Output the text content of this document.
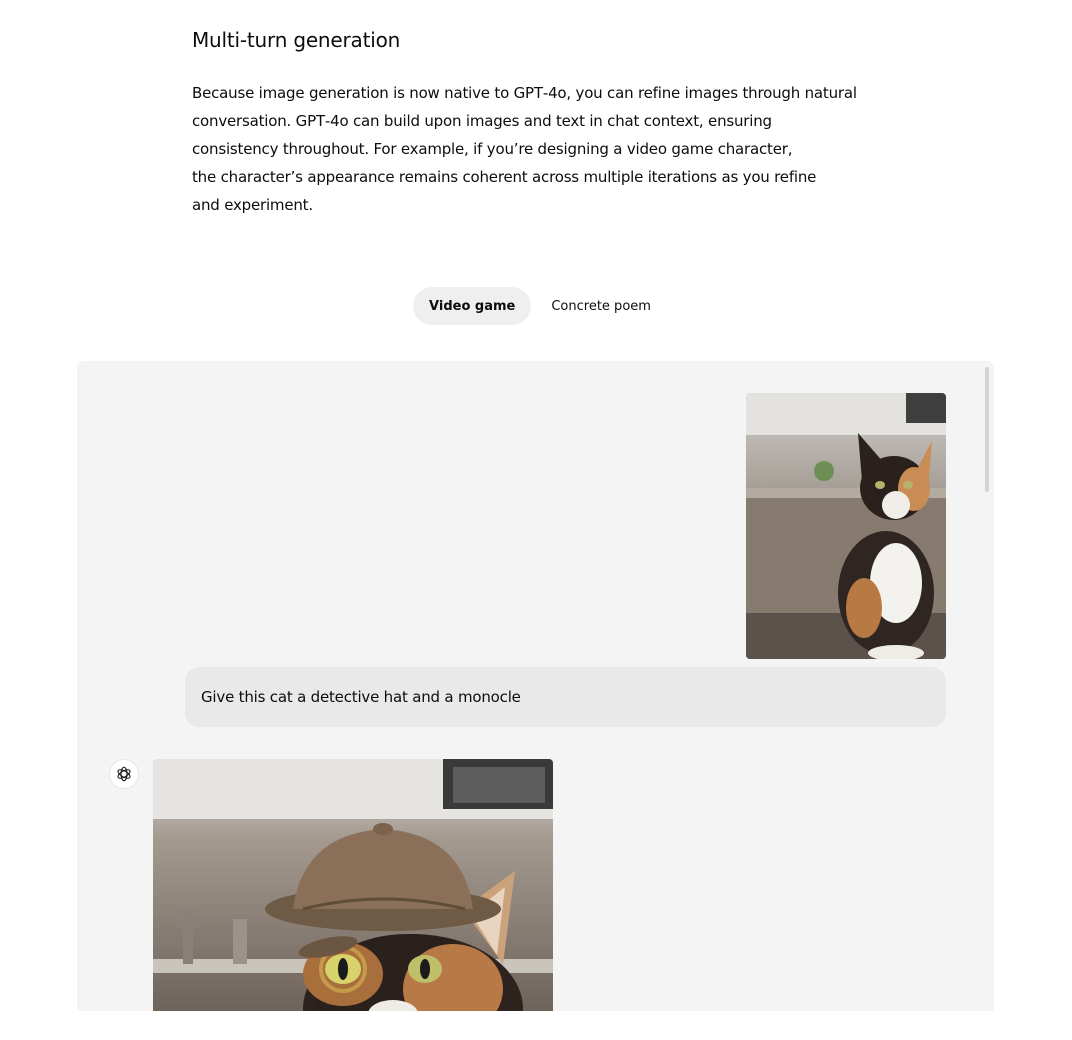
Multi-turn generation

Because image generation is now native to GPT‑4o, you can refine images through natural
conversation. GPT‑4o can build upon images and text in chat context, ensuring
consistency throughout. For example, if you’re designing a video game character,
the character’s appearance remains coherent across multiple iterations as you refine
and experiment.

Video game	Concrete poem
Give this cat a detective hat and a monocle
